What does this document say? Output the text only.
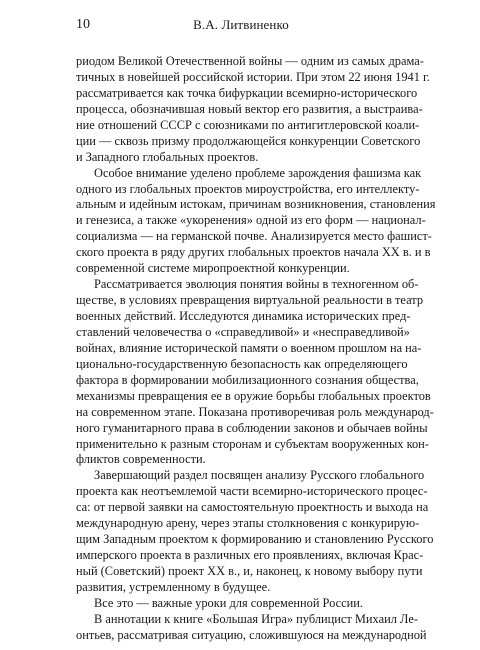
10	В.А. Литвиненко
риодом Великой Отечественной войны — одним из самых драма-
тичных в новейшей российской истории. При этом 22 июня 1941 г.
рассматривается как точка бифуркации всемирно-исторического
процесса, обозначившая новый вектор его развития, а выстраива-
ние отношений СССР с союзниками по антигитлеровской коали-
ции — сквозь призму продолжающейся конкуренции Советского
и Западного глобальных проектов.
Особое внимание уделено проблеме зарождения фашизма как
одного из глобальных проектов мироустройства, его интеллекту-
альным и идейным истокам, причинам возникновения, становления
и генезиса, а также «укоренения» одной из его форм — национал-
социализма — на германской почве. Анализируется место фашист-
ского проекта в ряду других глобальных проектов начала XX в. и в
современной системе миропроектной конкуренции.
Рассматривается эволюция понятия войны в техногенном об-
ществе, в условиях превращения виртуальной реальности в театр
военных действий. Исследуются динамика исторических пред-
ставлений человечества о «справедливой» и «несправедливой»
войнах, влияние исторической памяти о военном прошлом на на-
ционально-государственную безопасность как определяющего
фактора в формировании мобилизационного сознания общества,
механизмы превращения ее в оружие борьбы глобальных проектов
на современном этапе. Показана противоречивая роль международ-
ного гуманитарного права в соблюдении законов и обычаев войны
применительно к разным сторонам и субъектам вооруженных кон-
фликтов современности.
Завершающий раздел посвящен анализу Русского глобального
проекта как неотъемлемой части всемирно-исторического процес-
са: от первой заявки на самостоятельную проектность и выхода на
международную арену, через этапы столкновения с конкурирую-
щим Западным проектом к формированию и становлению Русского
имперского проекта в различных его проявлениях, включая Крас-
ный (Советский) проект XX в., и, наконец, к новому выбору пути
развития, устремленному в будущее.
Все это — важные уроки для современной России.
В аннотации к книге «Большая Игра» публицист Михаил Ле-
онтьев, рассматривая ситуацию, сложившуюся на международной
